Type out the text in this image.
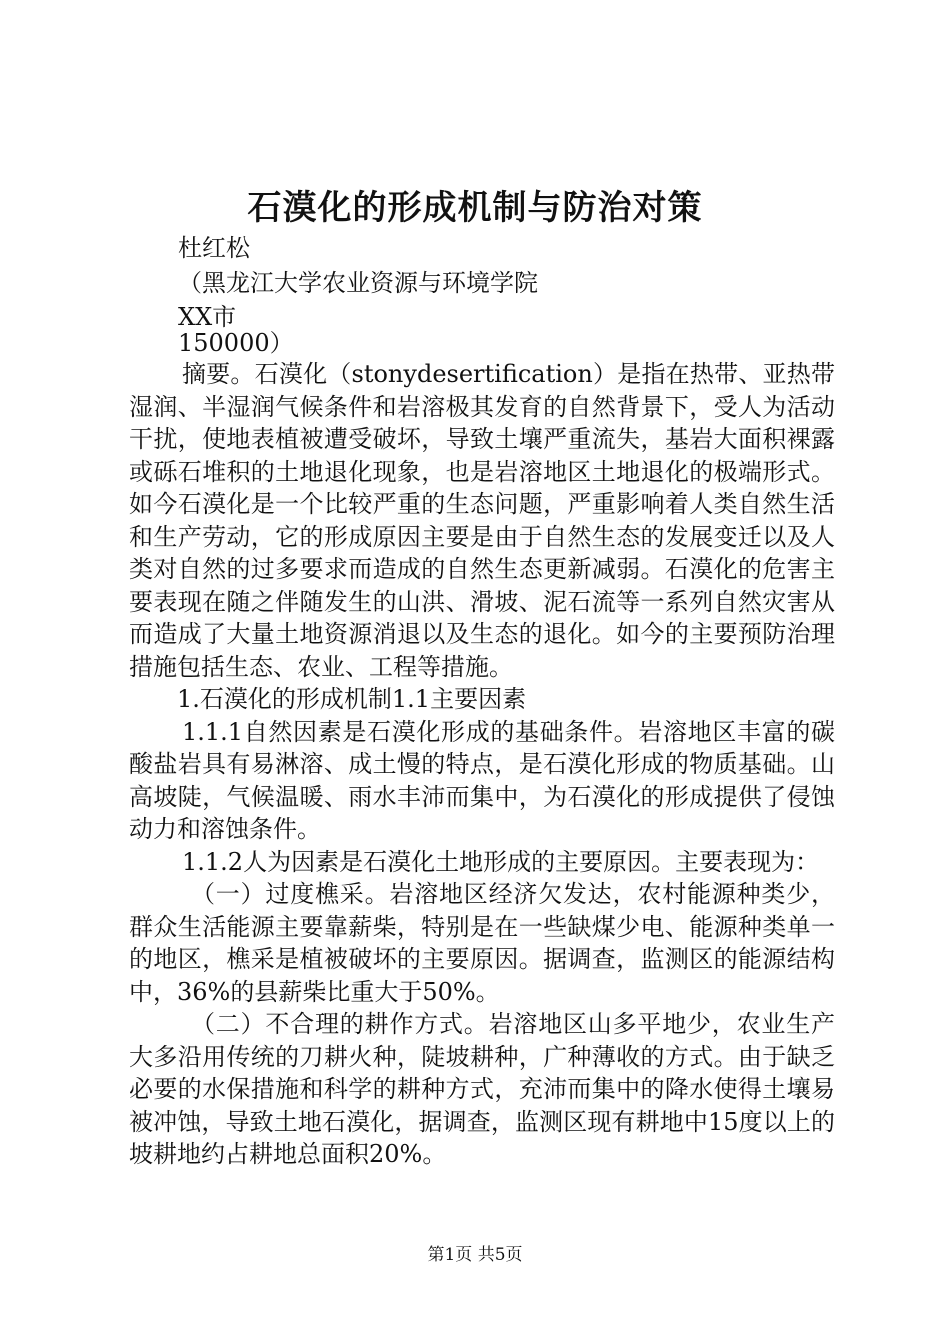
石漠化的形成机制与防治对策
杜红松
（黑龙江大学农业资源与环境学院
XX市
150000）

摘要。石漠化（stonydesertification）是指在热带、亚热带湿润、半湿润气候条件和岩溶极其发育的自然背景下，受人为活动干扰，使地表植被遭受破坏，导致土壤严重流失，基岩大面积裸露或砾石堆积的土地退化现象，也是岩溶地区土地退化的极端形式。如今石漠化是一个比较严重的生态问题，严重影响着人类自然生活和生产劳动，它的形成原因主要是由于自然生态的发展变迁以及人类对自然的过多要求而造成的自然生态更新减弱。石漠化的危害主要表现在随之伴随发生的山洪、滑坡、泥石流等一系列自然灾害从而造成了大量土地资源消退以及生态的退化。如今的主要预防治理措施包括生态、农业、工程等措施。

1.石漠化的形成机制1.1主要因素

1.1.1自然因素是石漠化形成的基础条件。岩溶地区丰富的碳酸盐岩具有易淋溶、成土慢的特点，是石漠化形成的物质基础。山高坡陡，气候温暖、雨水丰沛而集中，为石漠化的形成提供了侵蚀动力和溶蚀条件。

1.1.2人为因素是石漠化土地形成的主要原因。主要表现为：

（一）过度樵采。岩溶地区经济欠发达，农村能源种类少，群众生活能源主要靠薪柴，特别是在一些缺煤少电、能源种类单一的地区，樵采是植被破坏的主要原因。据调查，监测区的能源结构中，36%的县薪柴比重大于50%。

（二）不合理的耕作方式。岩溶地区山多平地少，农业生产大多沿用传统的刀耕火种，陡坡耕种，广种薄收的方式。由于缺乏必要的水保措施和科学的耕种方式，充沛而集中的降水使得土壤易被冲蚀，导致土地石漠化，据调查，监测区现有耕地中15度以上的坡耕地约占耕地总面积20%。

第1页 共5页
